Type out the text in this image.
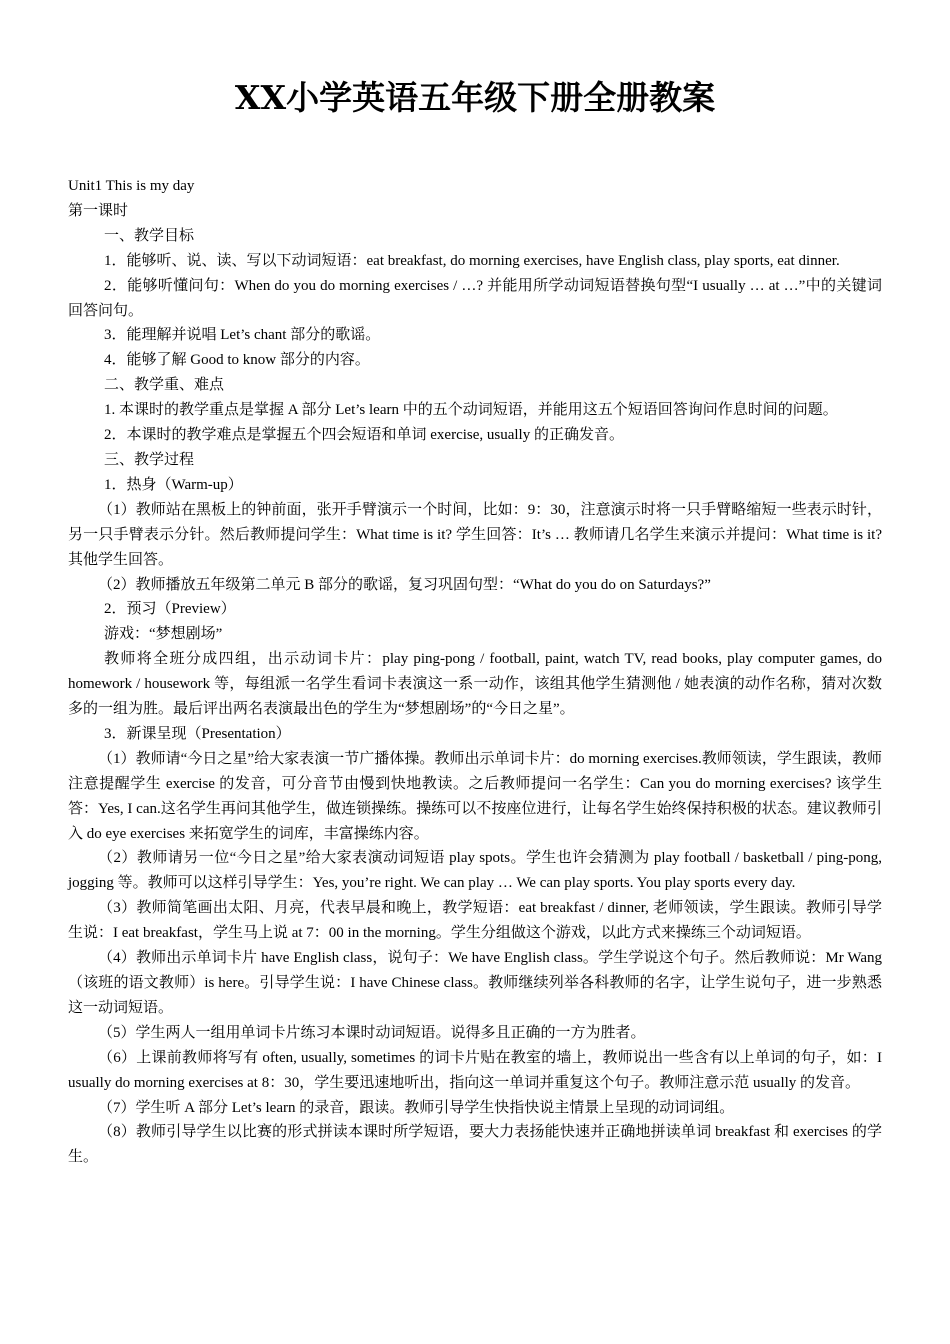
XX小学英语五年级下册全册教案

Unit1 This is my day

第一课时

一、教学目标

1．能够听、说、读、写以下动词短语：eat breakfast, do morning exercises, have English class, play sports, eat dinner.

2．能够听懂问句：When do you do morning exercises / …? 并能用所学动词短语替换句型“I usually … at …”中的关键词回答问句。

3．能理解并说唱 Let’s chant 部分的歌谣。

4．能够了解 Good to know 部分的内容。

二、教学重、难点

1. 本课时的教学重点是掌握 A 部分 Let’s learn 中的五个动词短语，并能用这五个短语回答询问作息时间的问题。

2．本课时的教学难点是掌握五个四会短语和单词 exercise, usually 的正确发音。

三、教学过程

1．热身（Warm-up）

（1）教师站在黑板上的钟前面，张开手臂演示一个时间，比如：9：30，注意演示时将一只手臂略缩短一些表示时针，另一只手臂表示分针。然后教师提问学生：What time is it? 学生回答：It’s … 教师请几名学生来演示并提问：What time is it? 其他学生回答。

（2）教师播放五年级第二单元 B 部分的歌谣，复习巩固句型：“What do you do on Saturdays?”

2．预习（Preview）

游戏：“梦想剧场”

教师将全班分成四组，出示动词卡片：play ping-pong / football, paint, watch TV, read books, play computer games, do homework / housework 等，每组派一名学生看词卡表演这一系一动作，该组其他学生猜测他 / 她表演的动作名称，猜对次数多的一组为胜。最后评出两名表演最出色的学生为“梦想剧场”的“今日之星”。

3．新课呈现（Presentation）

（1）教师请“今日之星”给大家表演一节广播体操。教师出示单词卡片：do morning exercises.教师领读，学生跟读，教师注意提醒学生 exercise 的发音，可分音节由慢到快地教读。之后教师提问一名学生：Can you do morning exercises? 该学生答：Yes, I can.这名学生再问其他学生，做连锁操练。操练可以不按座位进行，让每名学生始终保持积极的状态。建议教师引入 do eye exercises 来拓宽学生的词库，丰富操练内容。

（2）教师请另一位“今日之星”给大家表演动词短语 play spots。学生也许会猜测为 play football / basketball / ping-pong, jogging 等。教师可以这样引导学生：Yes, you’re right. We can play … We can play sports. You play sports every day.

（3）教师简笔画出太阳、月亮，代表早晨和晚上，教学短语：eat breakfast / dinner, 老师领读，学生跟读。教师引导学生说：I eat breakfast，学生马上说 at 7：00 in the morning。学生分组做这个游戏，以此方式来操练三个动词短语。

（4）教师出示单词卡片 have English class，说句子：We have English class。学生学说这个句子。然后教师说：Mr Wang（该班的语文教师）is here。引导学生说：I have Chinese class。教师继续列举各科教师的名字，让学生说句子，进一步熟悉这一动词短语。

（5）学生两人一组用单词卡片练习本课时动词短语。说得多且正确的一方为胜者。

（6）上课前教师将写有 often, usually, sometimes 的词卡片贴在教室的墙上，教师说出一些含有以上单词的句子，如：I usually do morning exercises at 8：30，学生要迅速地听出，指向这一单词并重复这个句子。教师注意示范 usually 的发音。

（7）学生听 A 部分 Let’s learn 的录音，跟读。教师引导学生快指快说主情景上呈现的动词词组。

（8）教师引导学生以比赛的形式拼读本课时所学短语，要大力表扬能快速并正确地拼读单词 breakfast 和 exercises 的学生。
